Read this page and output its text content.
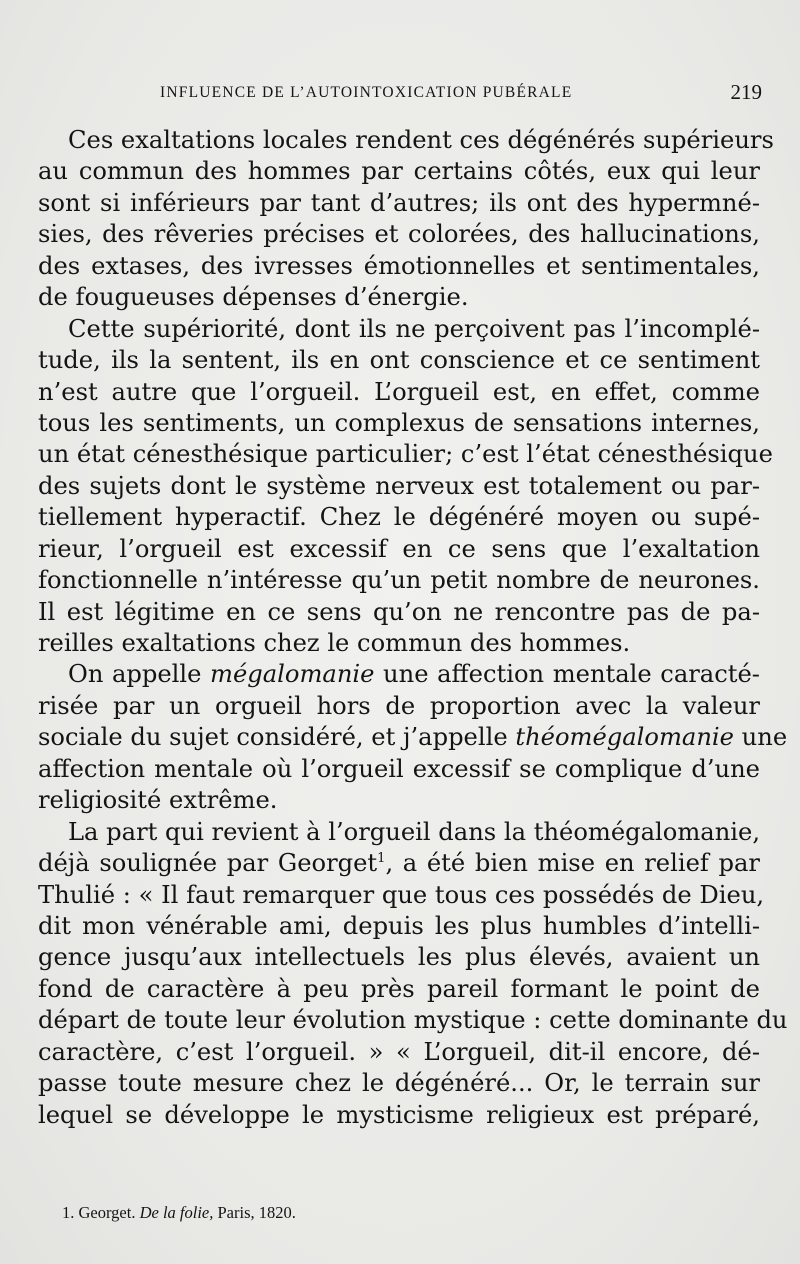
INFLUENCE DE L’AUTOINTOXICATION PUBÉRALE	219
Ces exaltations locales rendent ces dégénérés supérieurs
au commun des hommes par certains côtés, eux qui leur
sont si inférieurs par tant d’autres; ils ont des hypermné-
sies, des rêveries précises et colorées, des hallucinations,
des extases, des ivresses émotionnelles et sentimentales,
de fougueuses dépenses d’énergie.
Cette supériorité, dont ils ne perçoivent pas l’incomplé-
tude, ils la sentent, ils en ont conscience et ce sentiment
n’est autre que l’orgueil. L’orgueil est, en effet, comme
tous les sentiments, un complexus de sensations internes,
un état cénesthésique particulier; c’est l’état cénesthésique
des sujets dont le système nerveux est totalement ou par-
tiellement hyperactif. Chez le dégénéré moyen ou supé-
rieur, l’orgueil est excessif en ce sens que l’exaltation
fonctionnelle n’intéresse qu’un petit nombre de neurones.
Il est légitime en ce sens qu’on ne rencontre pas de pa-
reilles exaltations chez le commun des hommes.
On appelle mégalomanie une affection mentale caracté-
risée par un orgueil hors de proportion avec la valeur
sociale du sujet considéré, et j’appelle théomégalomanie une
affection mentale où l’orgueil excessif se complique d’une
religiosité extrême.
La part qui revient à l’orgueil dans la théomégalomanie,
déjà soulignée par Georget$^1$, a été bien mise en relief par
Thulié : « Il faut remarquer que tous ces possédés de Dieu,
dit mon vénérable ami, depuis les plus humbles d’intelli-
gence jusqu’aux intellectuels les plus élevés, avaient un
fond de caractère à peu près pareil formant le point de
départ de toute leur évolution mystique : cette dominante du
caractère, c’est l’orgueil. » « L’orgueil, dit-il encore, dé-
passe toute mesure chez le dégénéré... Or, le terrain sur
lequel se développe le mysticisme religieux est préparé,
1. Georget. De la folie, Paris, 1820.
